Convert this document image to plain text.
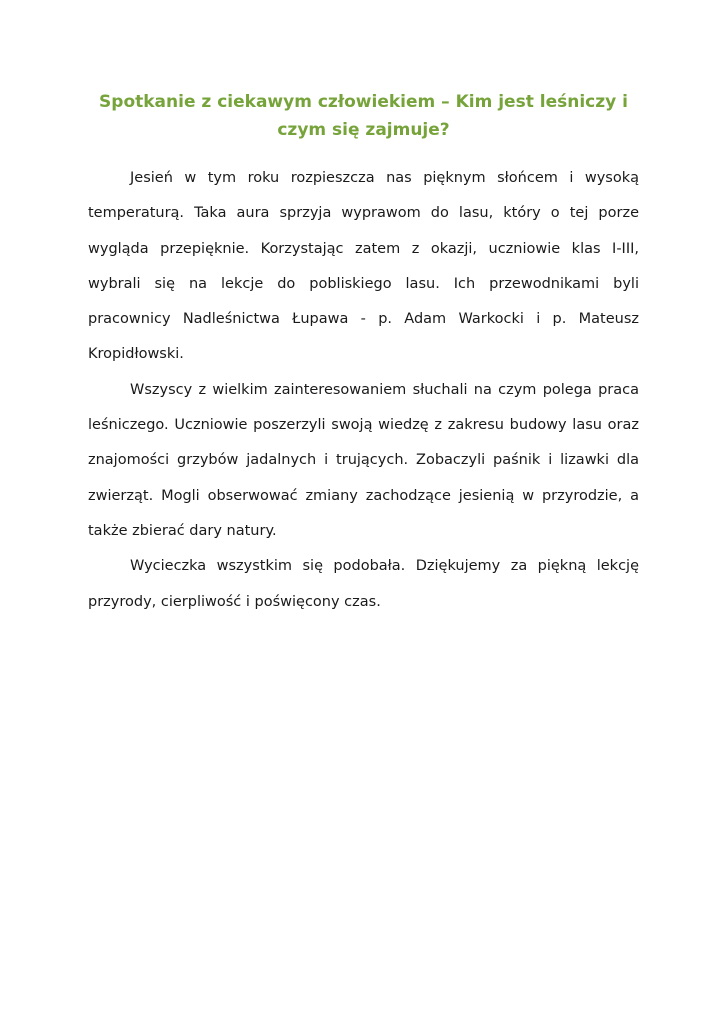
Spotkanie z ciekawym człowiekiem – Kim jest leśniczy i czym się zajmuje?

Jesień w tym roku rozpieszcza nas pięknym słońcem i wysoką temperaturą. Taka aura sprzyja wyprawom do lasu, który o tej porze wygląda przepięknie. Korzystając zatem z okazji, uczniowie klas I-III, wybrali się na lekcje do pobliskiego lasu. Ich przewodnikami byli pracownicy Nadleśnictwa Łupawa - p. Adam Warkocki i p. Mateusz Kropidłowski.

Wszyscy z wielkim zainteresowaniem słuchali na czym polega praca leśniczego. Uczniowie poszerzyli swoją wiedzę z zakresu budowy lasu oraz znajomości grzybów jadalnych i trujących. Zobaczyli paśnik i lizawki dla zwierząt. Mogli obserwować zmiany zachodzące jesienią w przyrodzie, a także zbierać dary natury.

Wycieczka wszystkim się podobała. Dziękujemy za piękną lekcję przyrody, cierpliwość i poświęcony czas.
